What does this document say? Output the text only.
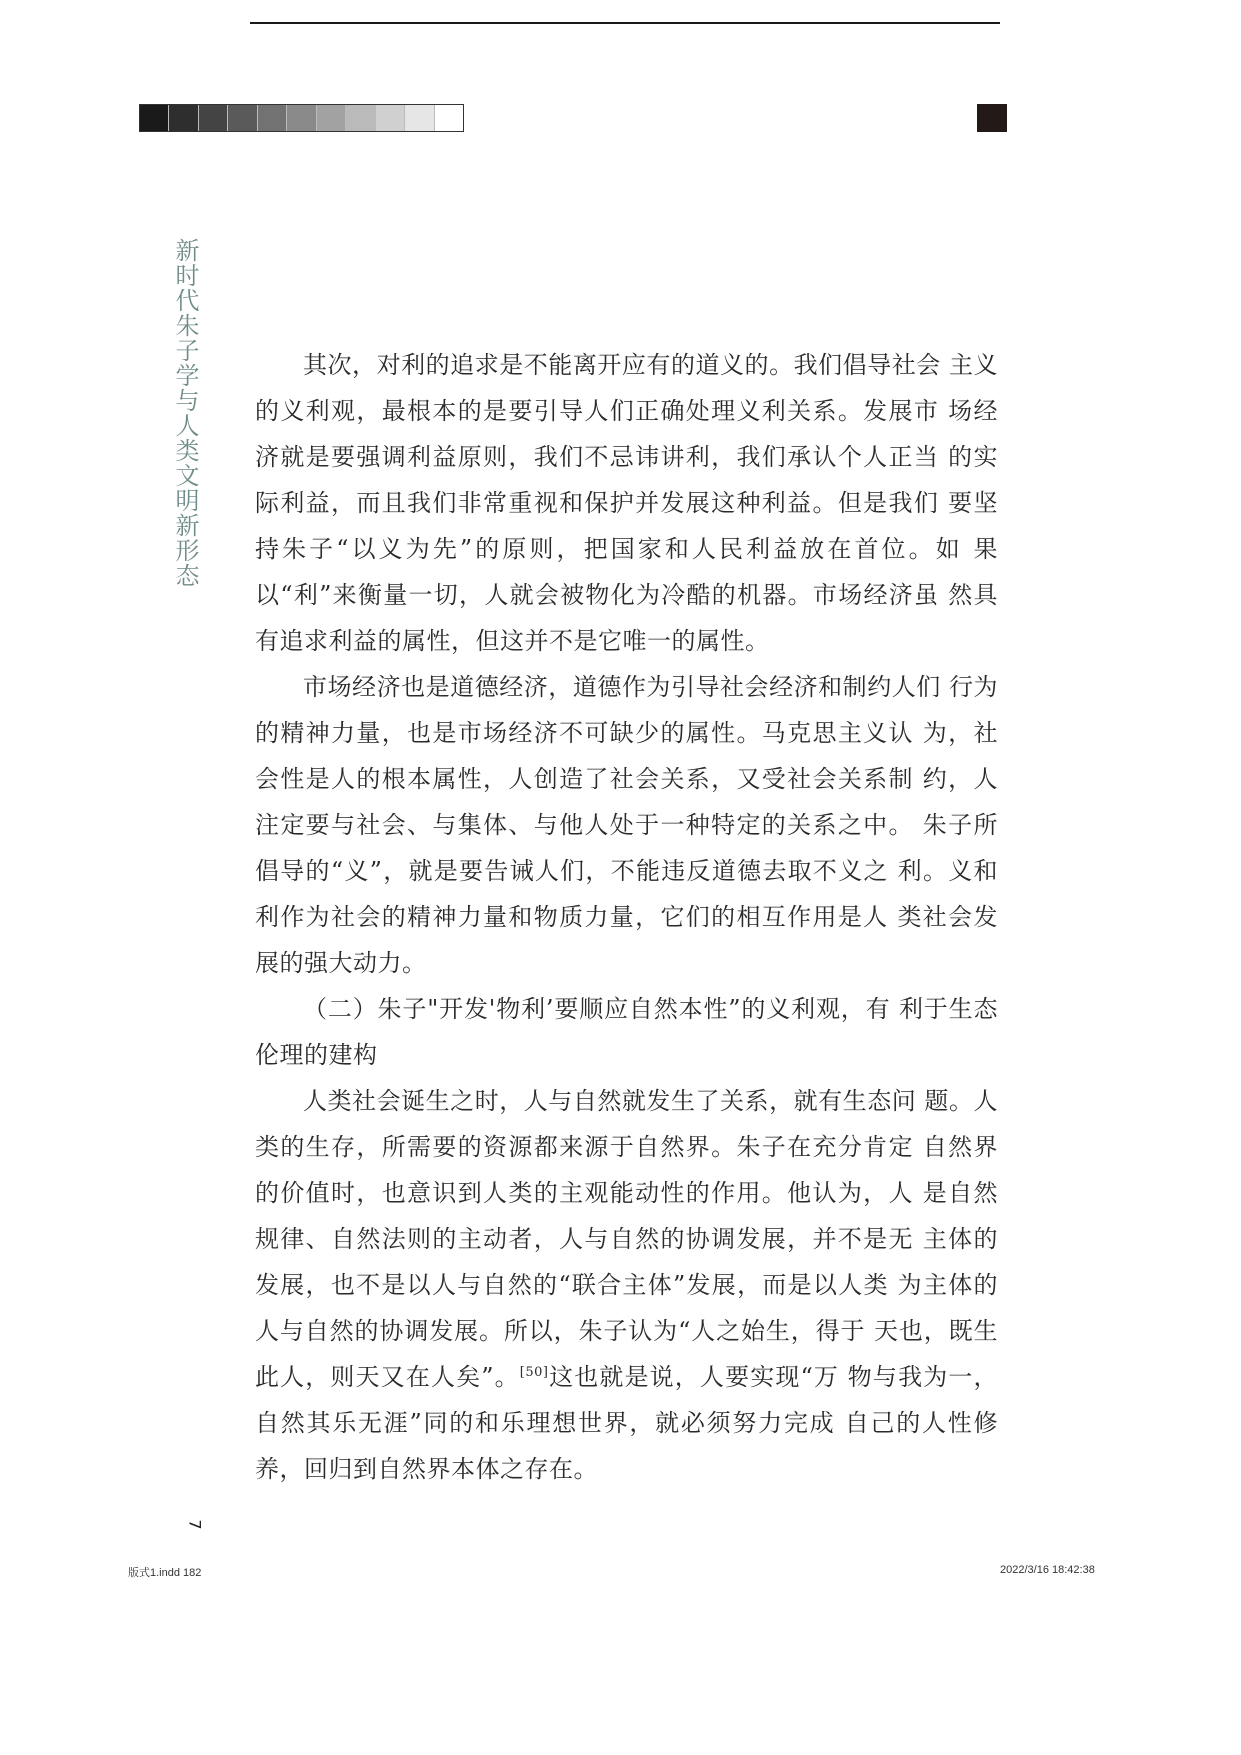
新时代朱子学与人类文明新形态	其次，对利的追求是不能离开应有的道义的。我们倡导社会 主义的义利观，最根本的是要引导人们正确处理义利关系。发展市 场经济就是要强调利益原则，我们不忌讳讲利，我们承认个人正当 的实际利益，而且我们非常重视和保护并发展这种利益。但是我们 要坚持朱子“以义为先”的原则，把国家和人民利益放在首位。如 果以“利”来衡量一切，人就会被物化为冷酷的机器。市场经济虽 然具有追求利益的属性，但这并不是它唯一的属性。

市场经济也是道德经济，道德作为引导社会经济和制约人们 行为的精神力量，也是市场经济不可缺少的属性。马克思主义认 为，社会性是人的根本属性，人创造了社会关系，又受社会关系制 约，人注定要与社会、与集体、与他人处于一种特定的关系之中。 朱子所倡导的“义”，就是要告诫人们，不能违反道德去取不义之 利。义和利作为社会的精神力量和物质力量，它们的相互作用是人 类社会发展的强大动力。

（二）朱子"开发'物利’要顺应自然本性”的义利观，有 利于生态伦理的建构

人类社会诞生之时，人与自然就发生了关系，就有生态问 题。人类的生存，所需要的资源都来源于自然界。朱子在充分肯定 自然界的价值时，也意识到人类的主观能动性的作用。他认为，人 是自然规律、自然法则的主动者，人与自然的协调发展，并不是无 主体的发展，也不是以人与自然的“联合主体”发展，而是以人类 为主体的人与自然的协调发展。所以，朱子认为“人之始生，得于 天也，既生此人，则天又在人矣”。[50]这也就是说，人要实现“万 物与我为一，自然其乐无涯”同的和乐理想世界，就必须努力完成 自己的人性修养，回归到自然界本体之存在。

7
版式1.indd 182	2022/3/16 18:42:38
